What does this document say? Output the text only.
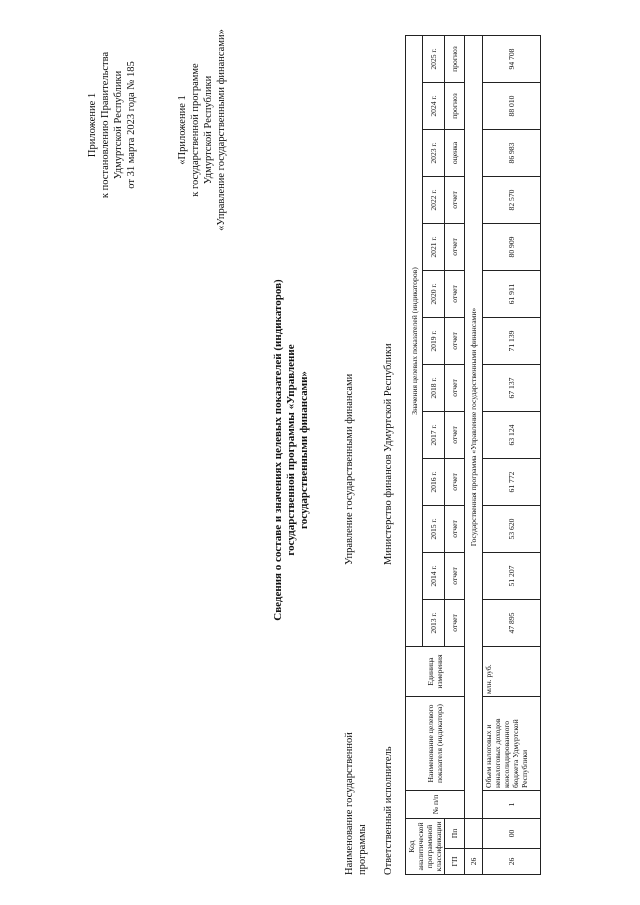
Приложение 1 к постановлению Правительства Удмуртской Республики от 31 марта 2023 года № 185	«Приложение 1 к государственной программе Удмуртской Республики «Управление государственными финансами»
Сведения о составе и значениях целевых показателей (индикаторов) государственной программы «Управление государственными финансами»
Наименование государственной программы
Управление государственными финансами
Ответственный исполнитель
Министерство финансов Удмуртской Республики
Код аналитической программной классификации		№ п/п	Наименование целевого показателя (индикатора)	Единица измерения	Значения целевых показателей (индикаторов)												
					2013 г.	2014 г.	2015 г.	2016 г.	2017 г.	2018 г.	2019 г.	2020 г.	2021 г.	2022 г.	2023 г.	2024 г.	2025 г.
ГП	Пп				отчет	отчет	отчет	отчет	отчет	отчет	отчет	отчет	отчет	отчет	оценка	прогноз	прогноз
26		Государственная программа «Управление государственными финансами»															
26	00	1	Объем налоговых и неналоговых доходов консолидированного бюджета Удмуртской Республики	млн. руб.	47 895	51 207	53 620	61 772	63 124	67 137	71 139	61 911	80 909	82 570	86 983	88 010	94 708
